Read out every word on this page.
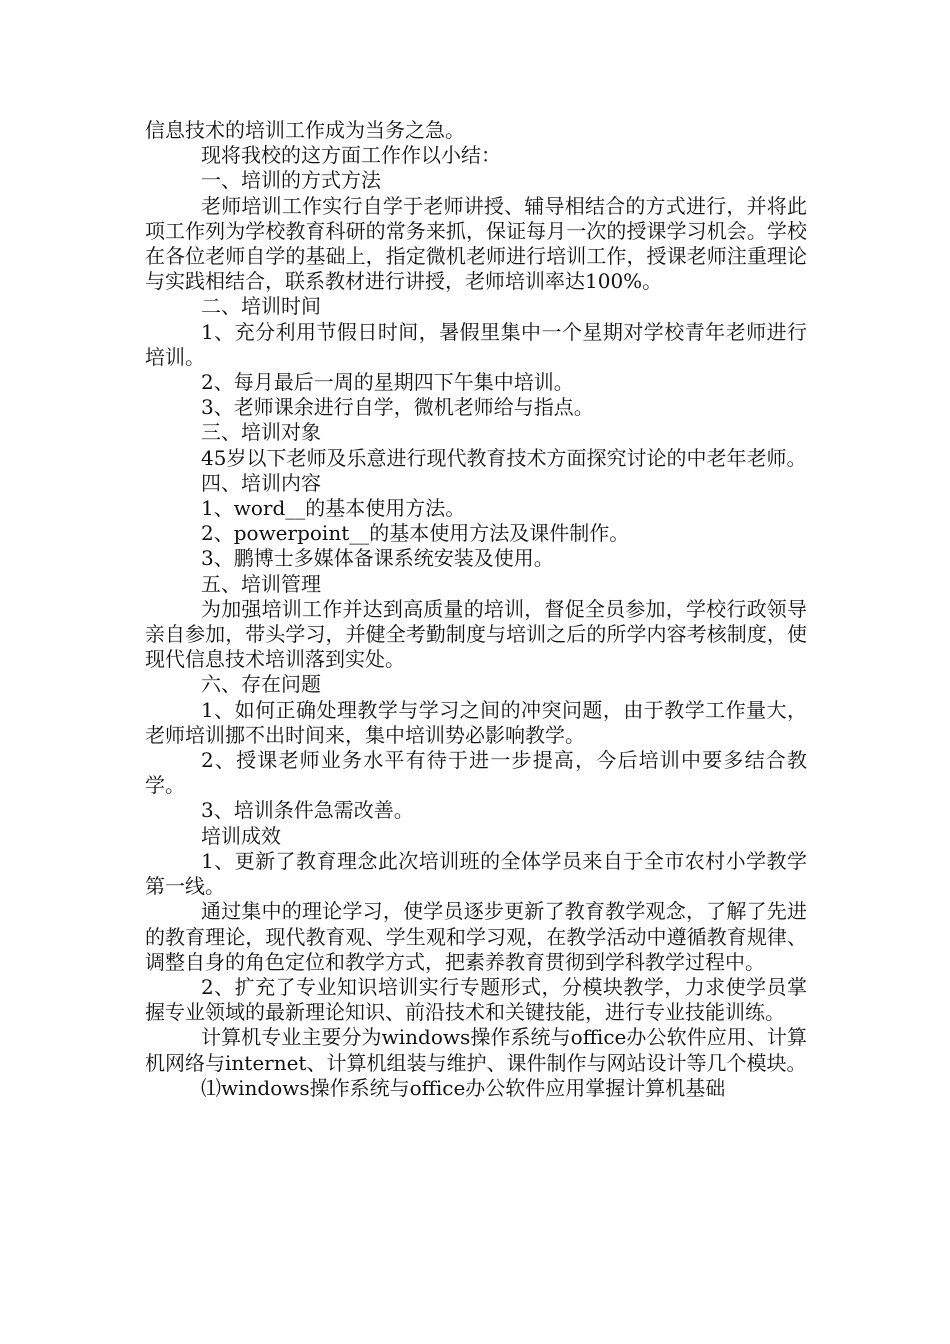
信息技术的培训工作成为当务之急。

现将我校的这方面工作作以小结：

一、培训的方式方法

老师培训工作实行自学于老师讲授、辅导相结合的方式进行，并将此项工作列为学校教育科研的常务来抓，保证每月一次的授课学习机会。学校在各位老师自学的基础上，指定微机老师进行培训工作，授课老师注重理论与实践相结合，联系教材进行讲授，老师培训率达100%。

二、培训时间

1、充分利用节假日时间，暑假里集中一个星期对学校青年老师进行培训。

2、每月最后一周的星期四下午集中培训。

3、老师课余进行自学，微机老师给与指点。

三、培训对象

45岁以下老师及乐意进行现代教育技术方面探究讨论的中老年老师。

四、培训内容

1、word__的基本使用方法。

2、powerpoint__的基本使用方法及课件制作。

3、鹏博士多媒体备课系统安装及使用。

五、培训管理

为加强培训工作并达到高质量的培训，督促全员参加，学校行政领导亲自参加，带头学习，并健全考勤制度与培训之后的所学内容考核制度，使现代信息技术培训落到实处。

六、存在问题

1、如何正确处理教学与学习之间的冲突问题，由于教学工作量大，老师培训挪不出时间来，集中培训势必影响教学。

2、授课老师业务水平有待于进一步提高，今后培训中要多结合教学。

3、培训条件急需改善。

培训成效

1、更新了教育理念此次培训班的全体学员来自于全市农村小学教学第一线。

通过集中的理论学习，使学员逐步更新了教育教学观念，了解了先进的教育理论，现代教育观、学生观和学习观，在教学活动中遵循教育规律、调整自身的角色定位和教学方式，把素养教育贯彻到学科教学过程中。

2、扩充了专业知识培训实行专题形式，分模块教学，力求使学员掌握专业领域的最新理论知识、前沿技术和关键技能，进行专业技能训练。

计算机专业主要分为windows操作系统与office办公软件应用、计算机网络与internet、计算机组装与维护、课件制作与网站设计等几个模块。

⑴windows操作系统与office办公软件应用掌握计算机基础
